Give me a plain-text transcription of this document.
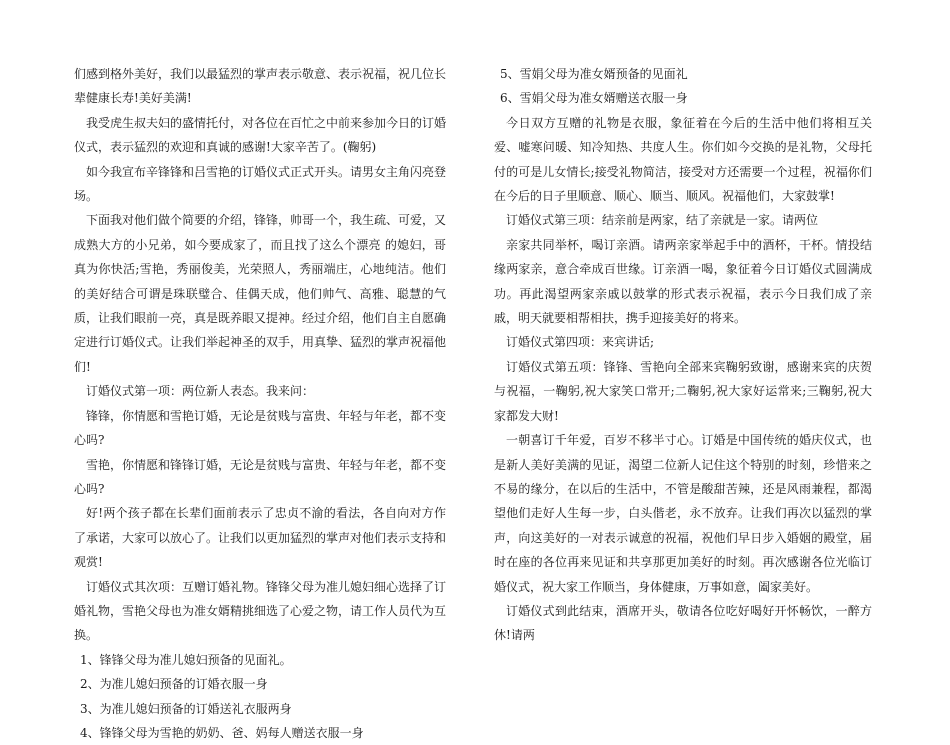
们感到格外美好，我们以最猛烈的掌声表示敬意、表示祝福，祝几位长辈健康长寿!美好美满!

我受虎生叔夫妇的盛情托付，对各位在百忙之中前来参加今日的订婚仪式，表示猛烈的欢迎和真诚的感谢!大家辛苦了。(鞠躬)

如今我宣布辛锋锋和吕雪艳的订婚仪式正式开头。请男女主角闪亮登场。

下面我对他们做个简要的介绍，锋锋，帅哥一个，我生疏、可爱，又成熟大方的小兄弟，如今要成家了，而且找了这么个漂亮 的媳妇，哥真为你快活;雪艳，秀丽俊美，光荣照人，秀丽端庄，心地纯洁。他们的美好结合可谓是珠联璧合、佳偶天成，他们帅气、高雅、聪慧的气质，让我们眼前一亮，真是既养眼又提神。经过介绍，他们自主自愿确定进行订婚仪式。让我们举起神圣的双手，用真挚、猛烈的掌声祝福他们!

订婚仪式第一项：两位新人表态。我来问：

锋锋，你情愿和雪艳订婚，无论是贫贱与富贵、年轻与年老，都不变心吗?

雪艳，你情愿和锋锋订婚，无论是贫贱与富贵、年轻与年老，都不变心吗?

好!两个孩子都在长辈们面前表示了忠贞不渝的看法，各自向对方作了承诺，大家可以放心了。让我们以更加猛烈的掌声对他们表示支持和观赏!

订婚仪式其次项：互赠订婚礼物。锋锋父母为准儿媳妇细心选择了订婚礼物，雪艳父母也为准女婿精挑细选了心爱之物，请工作人员代为互换。

1、锋锋父母为准儿媳妇预备的见面礼。

2、为准儿媳妇预备的订婚衣服一身

3、为准儿媳妇预备的订婚送礼衣服两身

4、锋锋父母为雪艳的奶奶、爸、妈每人赠送衣服一身

5、雪娟父母为准女婿预备的见面礼

6、雪娟父母为准女婿赠送衣服一身

今日双方互赠的礼物是衣服，象征着在今后的生活中他们将相互关爱、嘘寒问暖、知冷知热、共度人生。你们如今交换的是礼物，父母托付的可是儿女情长;接受礼物简洁，接受对方还需要一个过程，祝福你们在今后的日子里顺意、顺心、顺当、顺风。祝福他们，大家鼓掌!

订婚仪式第三项：结亲前是两家，结了亲就是一家。请两位

亲家共同举杯，喝订亲酒。请两亲家举起手中的酒杯，干杯。情投结缘两家亲，意合牵成百世缘。订亲酒一喝，象征着今日订婚仪式圆满成功。再此渴望两家亲戚以鼓掌的形式表示祝福，表示今日我们成了亲戚，明天就要相帮相扶，携手迎接美好的将来。

订婚仪式第四项：来宾讲话;

订婚仪式第五项：锋锋、雪艳向全部来宾鞠躬致谢，感谢来宾的庆贺与祝福，一鞠躬,祝大家笑口常开;二鞠躬,祝大家好运常来;三鞠躬,祝大家都发大财!

一朝喜订千年爱，百岁不移半寸心。订婚是中国传统的婚庆仪式，也是新人美好美满的见证，渴望二位新人记住这个特别的时刻，珍惜来之不易的缘分，在以后的生活中，不管是酸甜苦辣，还是风雨兼程，都渴望他们走好人生每一步，白头偕老，永不放弃。让我们再次以猛烈的掌声，向这美好的一对表示诚意的祝福，祝他们早日步入婚姻的殿堂，届时在座的各位再来见证和共享那更加美好的时刻。再次感谢各位光临订婚仪式，祝大家工作顺当，身体健康，万事如意，阖家美好。

订婚仪式到此结束，酒席开头，敬请各位吃好喝好开怀畅饮，一醉方休!请两
